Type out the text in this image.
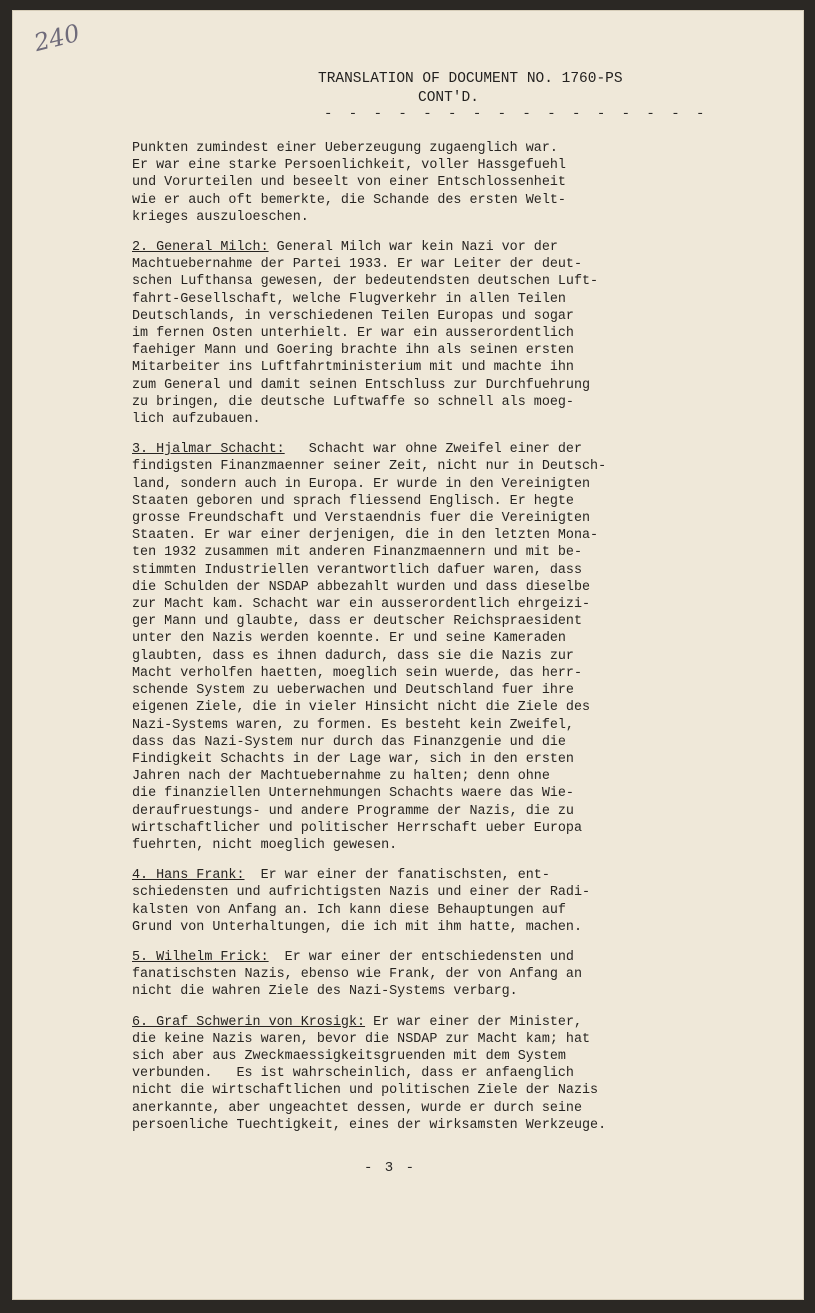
240
TRANSLATION OF DOCUMENT NO. 1760-PS
CONT'D.
- - - - - - - - - - - - - - - -
Punkten zumindest einer Ueberzeugung zugaenglich war.
Er war eine starke Persoenlichkeit, voller Hassgefuehl
und Vorurteilen und beseelt von einer Entschlossenheit
wie er auch oft bemerkte, die Schande des ersten Welt-
krieges auszuloeschen.
2. General Milch: General Milch war kein Nazi vor der
Machtuebernahme der Partei 1933. Er war Leiter der deut-
schen Lufthansa gewesen, der bedeutendsten deutschen Luft-
fahrt-Gesellschaft, welche Flugverkehr in allen Teilen
Deutschlands, in verschiedenen Teilen Europas und sogar
im fernen Osten unterhielt. Er war ein ausserordentlich
faehiger Mann und Goering brachte ihn als seinen ersten
Mitarbeiter ins Luftfahrtministerium mit und machte ihn
zum General und damit seinen Entschluss zur Durchfuehrung
zu bringen, die deutsche Luftwaffe so schnell als moeg-
lich aufzubauen.
3. Hjalmar Schacht:   Schacht war ohne Zweifel einer der
findigsten Finanzmaenner seiner Zeit, nicht nur in Deutsch-
land, sondern auch in Europa. Er wurde in den Vereinigten
Staaten geboren und sprach fliessend Englisch. Er hegte
grosse Freundschaft und Verstaendnis fuer die Vereinigten
Staaten. Er war einer derjenigen, die in den letzten Mona-
ten 1932 zusammen mit anderen Finanzmaennern und mit be-
stimmten Industriellen verantwortlich dafuer waren, dass
die Schulden der NSDAP abbezahlt wurden und dass dieselbe
zur Macht kam. Schacht war ein ausserordentlich ehrgeizi-
ger Mann und glaubte, dass er deutscher Reichspraesident
unter den Nazis werden koennte. Er und seine Kameraden
glaubten, dass es ihnen dadurch, dass sie die Nazis zur
Macht verholfen haetten, moeglich sein wuerde, das herr-
schende System zu ueberwachen und Deutschland fuer ihre
eigenen Ziele, die in vieler Hinsicht nicht die Ziele des
Nazi-Systems waren, zu formen. Es besteht kein Zweifel,
dass das Nazi-System nur durch das Finanzgenie und die
Findigkeit Schachts in der Lage war, sich in den ersten
Jahren nach der Machtuebernahme zu halten; denn ohne
die finanziellen Unternehmungen Schachts waere das Wie-
deraufruestungs- und andere Programme der Nazis, die zu
wirtschaftlicher und politischer Herrschaft ueber Europa
fuehrten, nicht moeglich gewesen.
4. Hans Frank:  Er war einer der fanatischsten, ent-
schiedensten und aufrichtigsten Nazis und einer der Radi-
kalsten von Anfang an. Ich kann diese Behauptungen auf
Grund von Unterhaltungen, die ich mit ihm hatte, machen.
5. Wilhelm Frick:  Er war einer der entschiedensten und
fanatischsten Nazis, ebenso wie Frank, der von Anfang an
nicht die wahren Ziele des Nazi-Systems verbarg.
6. Graf Schwerin von Krosigk: Er war einer der Minister,
die keine Nazis waren, bevor die NSDAP zur Macht kam; hat
sich aber aus Zweckmaessigkeitsgruenden mit dem System
verbunden.   Es ist wahrscheinlich, dass er anfaenglich
nicht die wirtschaftlichen und politischen Ziele der Nazis
anerkannte, aber ungeachtet dessen, wurde er durch seine
persoenliche Tuechtigkeit, eines der wirksamsten Werkzeuge.
- 3 -
